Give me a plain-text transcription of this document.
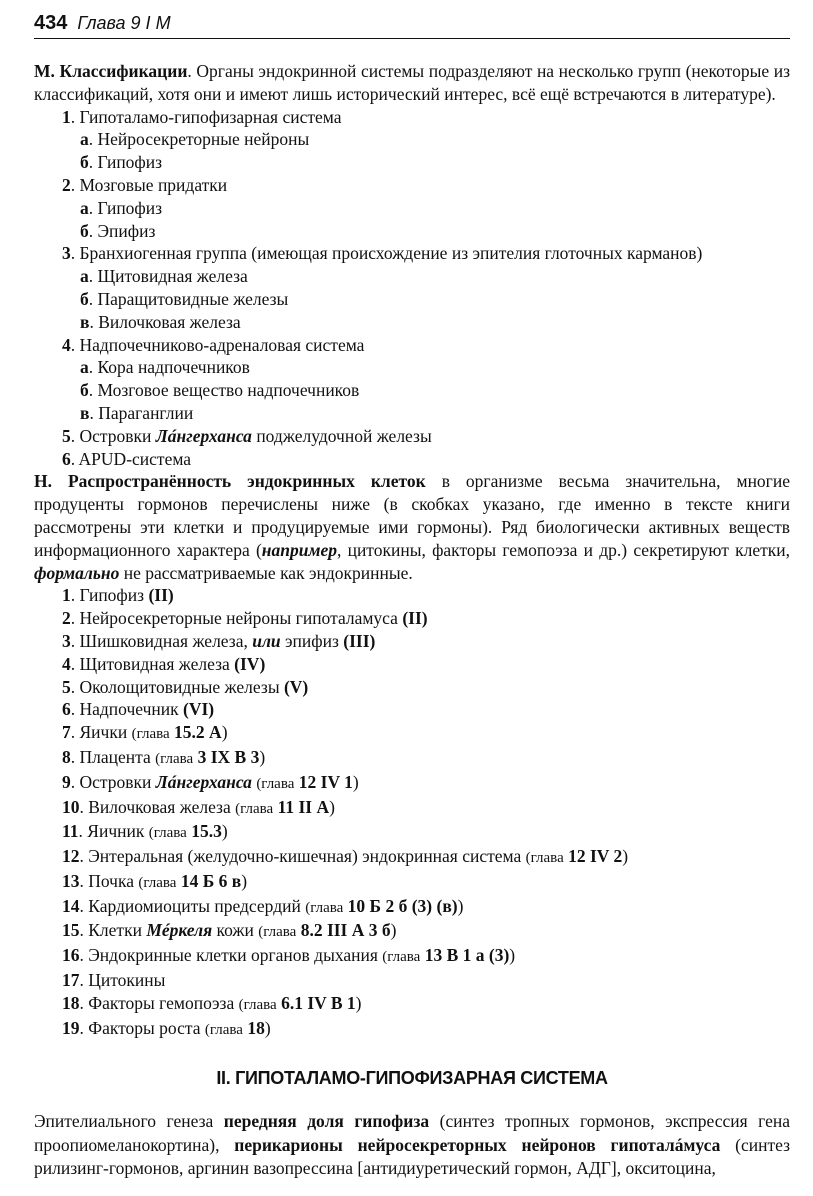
434 Глава 9 I M

М. Классификации. Органы эндокринной системы подразделяют на несколько групп (некоторые из классификаций, хотя они и имеют лишь исторический интерес, всё ещё встречаются в литературе).

1. Гипоталамо-гипофизарная система
а. Нейросекреторные нейроны
б. Гипофиз
2. Мозговые придатки
а. Гипофиз
б. Эпифиз
3. Бранхиогенная группа (имеющая происхождение из эпителия глоточных карманов)
а. Щитовидная железа
б. Паращитовидные железы
в. Вилочковая железа
4. Надпочечниково-адреналовая система
а. Кора надпочечников
б. Мозговое вещество надпочечников
в. Параганглии
5. Островки Лáнгерханса поджелудочной железы
6. APUD-система

Н. Распространённость эндокринных клеток в организме весьма значительна, многие продуценты гормонов перечислены ниже (в скобках указано, где именно в тексте книги рассмотрены эти клетки и продуцируемые ими гормоны). Ряд биологически активных веществ информационного характера (например, цитокины, факторы гемопоэза и др.) секретируют клетки, формально не рассматриваемые как эндокринные.

1. Гипофиз (II)
2. Нейросекреторные нейроны гипоталамуса (II)
3. Шишковидная железа, или эпифиз (III)
4. Щитовидная железа (IV)
5. Околощитовидные железы (V)
6. Надпочечник (VI)
7. Яички (глава 15.2 А)
8. Плацента (глава 3 IX В 3)
9. Островки Лáнгерханса (глава 12 IV 1)
10. Вилочковая железа (глава 11 II А)
11. Яичник (глава 15.3)
12. Энтеральная (желудочно-кишечная) эндокринная система (глава 12 IV 2)
13. Почка (глава 14 Б 6 в)
14. Кардиомиоциты предсердий (глава 10 Б 2 б (3) (в))
15. Клетки Мéркеля кожи (глава 8.2 III А 3 б)
16. Эндокринные клетки органов дыхания (глава 13 В 1 а (3))
17. Цитокины
18. Факторы гемопоэза (глава 6.1 IV В 1)
19. Факторы роста (глава 18)
II. ГИПОТАЛАМО-ГИПОФИЗАРНАЯ СИСТЕМА

Эпителиального генеза передняя доля гипофиза (синтез тропных гормонов, экспрессия гена проопиомеланокортина), перикарионы нейросекреторных нейронов гипоталáмуса (синтез рилизинг-гормонов, аргинин вазопрессина [антидиуретический гормон, АДГ], окситоцина,
